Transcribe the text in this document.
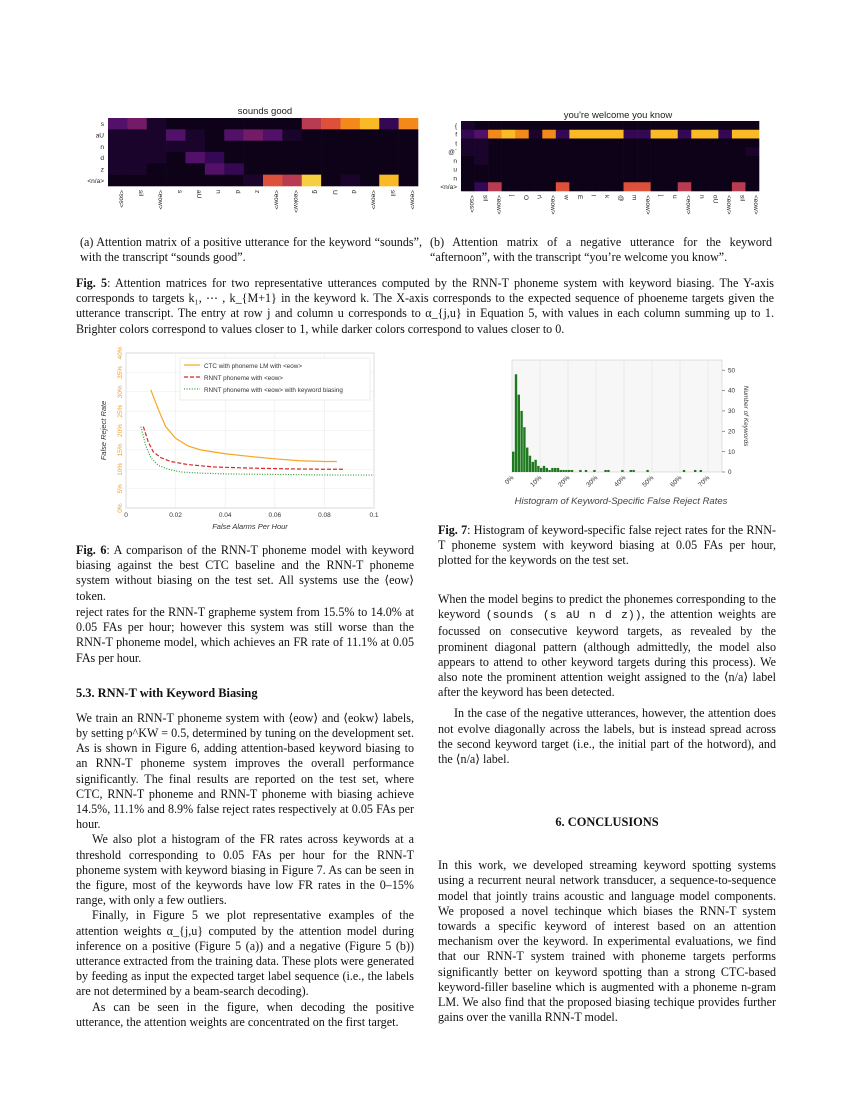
sounds good
s
aU
n
d
z
<n/a>
<sos> sil <eow> s aU n d z <eow> <eokw> g U d <eow> sil <eow>
(a) Attention matrix of a positive utterance for the keyword “sounds”, with the transcript “sounds good”.
you're welcome you know
{
f
t
@`
n
u
n
<n/a>
<sos> sil <eow> j O r\ <eow> w E l k @ m <eow> j u <eow> n oU <eow> sil <eow>
(b) Attention matrix of a negative utterance for the keyword “afternoon”, with the transcript “you’re welcome you know”.
Fig. 5: Attention matrices for two representative utterances computed by the RNN-T phoneme system with keyword biasing. The Y-axis corresponds to targets k₁, ⋯ , k_{M+1} in the keyword k. The X-axis corresponds to the expected sequence of phoeneme targets given the utterance transcript. The entry at row j and column u corresponds to α_{j,u} in Equation 5, with values in each column summing up to 1. Brighter colors correspond to values closer to 1, while darker colors correspond to values closer to 0.
0	0.02	0.04	0.06	0.08	0.1
0%
5%
10%
15%
20%
25%
30%
35%
40%
CTC with phoneme LM with <eow>
RNNT phoneme with <eow>
RNNT phoneme with <eow> with keyword biasing
False Alarms Per Hour
False Reject Rate
Fig. 6: A comparison of the RNN-T phoneme model with keyword biasing against the best CTC baseline and the RNN-T phoneme system without biasing on the test set. All systems use the ⟨eow⟩ token.
0% 10% 20% 30% 40% 50% 60% 70%
0
10
20
30
40
50
Number of Keywords
Histogram of Keyword-Specific False Reject Rates
Fig. 7: Histogram of keyword-specific false reject rates for the RNN-T phoneme system with keyword biasing at 0.05 FAs per hour, plotted for the keywords on the test set.

reject rates for the RNN-T grapheme system from 15.5% to 14.0% at 0.05 FAs per hour; however this system was still worse than the RNN-T phoneme model, which achieves an FR rate of 11.1% at 0.05 FAs per hour.

5.3. RNN-T with Keyword Biasing

We train an RNN-T phoneme system with ⟨eow⟩ and ⟨eokw⟩ labels, by setting p^KW = 0.5, determined by tuning on the development set. As is shown in Figure 6, adding attention-based keyword biasing to an RNN-T phoneme system improves the overall performance significantly. The final results are reported on the test set, where CTC, RNN-T phoneme and RNN-T phoneme with biasing achieve 14.5%, 11.1% and 8.9% false reject rates respectively at 0.05 FAs per hour.

We also plot a histogram of the FR rates across keywords at a threshold corresponding to 0.05 FAs per hour for the RNN-T phoneme system with keyword biasing in Figure 7. As can be seen in the figure, most of the keywords have low FR rates in the 0–15% range, with only a few outliers.

Finally, in Figure 5 we plot representative examples of the attention weights α_{j,u} computed by the attention model during inference on a positive (Figure 5 (a)) and a negative (Figure 5 (b)) utterance extracted from the training data. These plots were generated by feeding as input the expected target label sequence (i.e., the labels are not determined by a beam-search decoding).

As can be seen in the figure, when decoding the positive utterance, the attention weights are concentrated on the first target.

When the model begins to predict the phonemes corresponding to the keyword (sounds (s aU n d z)), the attention weights are focussed on consecutive keyword targets, as revealed by the prominent diagonal pattern (although admittedly, the model also appears to attend to other keyword targets during this process). We also note the prominent attention weight assigned to the ⟨n/a⟩ label after the keyword has been detected.

In the case of the negative utterances, however, the attention does not evolve diagonally across the labels, but is instead spread across the second keyword target (i.e., the initial part of the hotword), and the ⟨n/a⟩ label.

6. CONCLUSIONS

In this work, we developed streaming keyword spotting systems using a recurrent neural network transducer, a sequence-to-sequence model that jointly trains acoustic and language model components. We proposed a novel techinque which biases the RNN-T system towards a specific keyword of interest based on an attention mechanism over the keyword. In experimental evaluations, we find that our RNN-T system trained with phoneme targets performs significantly better on keyword spotting than a strong CTC-based keyword-filler baseline which is augmented with a phoneme n-gram LM. We also find that the proposed biasing techique provides further gains over the vanilla RNN-T model.
